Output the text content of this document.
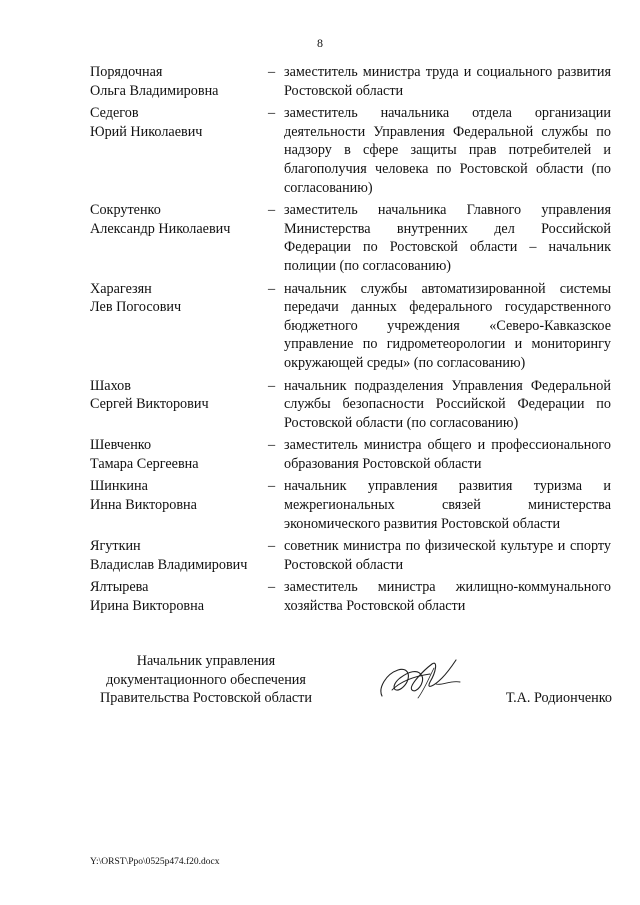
8
Порядочная
Ольга Владимировна
– заместитель министра труда и социального развития Ростовской области
Седегов
Юрий Николаевич
– заместитель начальника отдела организации деятельности Управления Федеральной службы по надзору в сфере защиты прав потребителей и благополучия человека по Ростовской области (по согласованию)
Сокрутенко
Александр Николаевич
– заместитель начальника Главного управления Министерства внутренних дел Российской Федерации по Ростовской области – начальник полиции (по согласованию)
Харагезян
Лев Погосович
– начальник службы автоматизированной системы передачи данных федерального государственного бюджетного учреждения «Северо-Кавказское управление по гидрометеорологии и мониторингу окружающей среды» (по согласованию)
Шахов
Сергей Викторович
– начальник подразделения Управления Федеральной службы безопасности Российской Федерации по Ростовской области (по согласованию)
Шевченко
Тамара Сергеевна
– заместитель министра общего и профессионального образования Ростовской области
Шинкина
Инна Викторовна
– начальник управления развития туризма и межрегиональных связей министерства экономического развития Ростовской области
Ягуткин
Владислав Владимирович
– советник министра по физической культуре и спорту Ростовской области
Ялтырева
Ирина Викторовна
– заместитель министра жилищно-коммунального хозяйства Ростовской области
Начальник управления
документационного обеспечения
Правительства Ростовской области	Т.А. Родионченко
Y:\ORST\Ppo\0525p474.f20.docx
